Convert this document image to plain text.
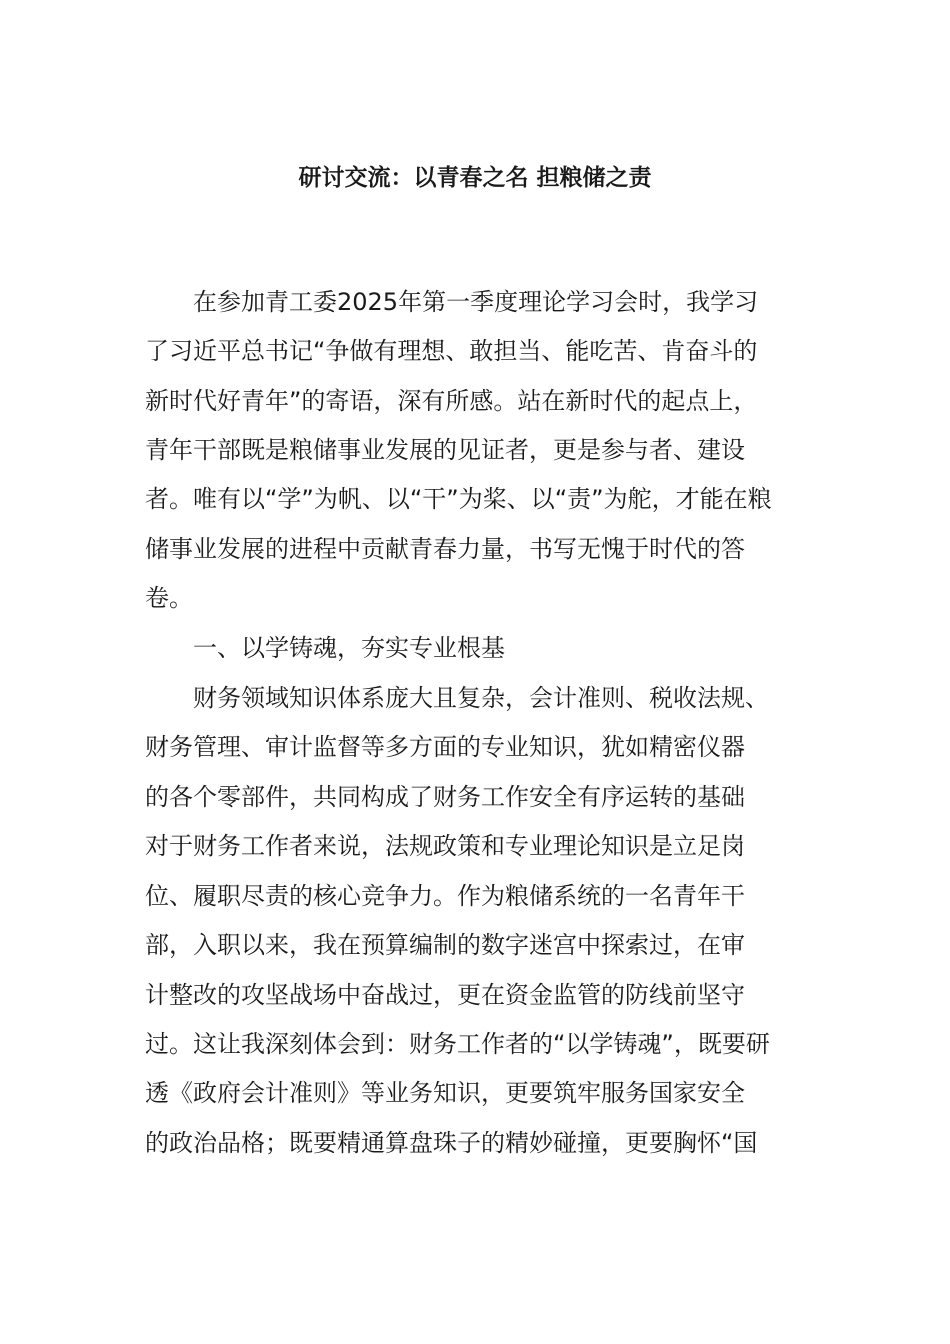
研讨交流：以青春之名 担粮储之责

　　在参加青工委2025年第一季度理论学习会时，我学习

了习近平总书记“争做有理想、敢担当、能吃苦、肯奋斗的

新时代好青年”的寄语，深有所感。站在新时代的起点上，

青年干部既是粮储事业发展的见证者，更是参与者、建设

者。唯有以“学”为帆、以“干”为桨、以“责”为舵，才能在粮

储事业发展的进程中贡献青春力量，书写无愧于时代的答

卷。

　　一、以学铸魂，夯实专业根基

　　财务领域知识体系庞大且复杂，会计准则、税收法规、

财务管理、审计监督等多方面的专业知识，犹如精密仪器

的各个零部件，共同构成了财务工作安全有序运转的基础

对于财务工作者来说，法规政策和专业理论知识是立足岗

位、履职尽责的核心竞争力。作为粮储系统的一名青年干

部，入职以来，我在预算编制的数字迷宫中探索过，在审

计整改的攻坚战场中奋战过，更在资金监管的防线前坚守

过。这让我深刻体会到：财务工作者的“以学铸魂”，既要研

透《政府会计准则》等业务知识，更要筑牢服务国家安全

的政治品格；既要精通算盘珠子的精妙碰撞，更要胸怀“国
